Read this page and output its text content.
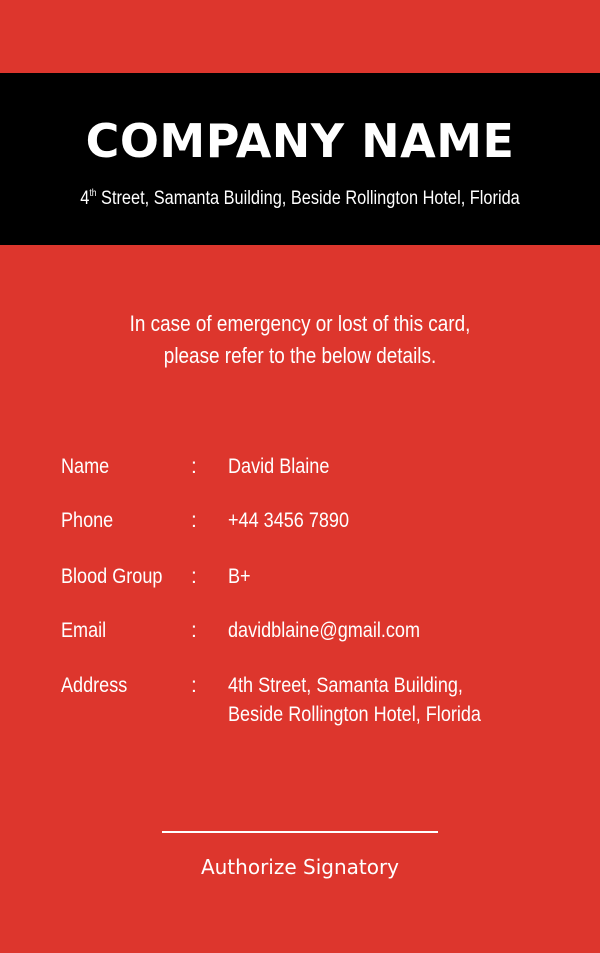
COMPANY NAME
4th Street, Samanta Building, Beside Rollington Hotel, Florida
In case of emergency or lost of this card,
please refer to the below details.
Name	: David Blaine
Phone	: +44 3456 7890
Blood Group : B+
Email	: davidblaine@gmail.com
Address	: 4th Street, Samanta Building,
Beside Rollington Hotel, Florida
Authorize Signatory
